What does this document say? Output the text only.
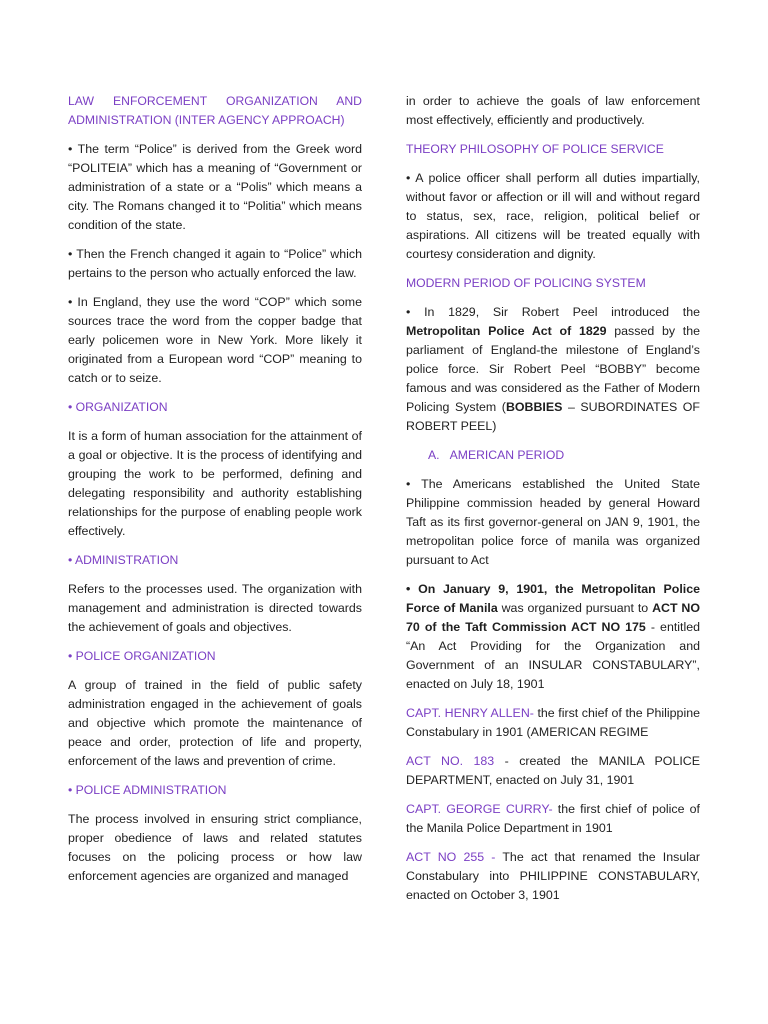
LAW ENFORCEMENT ORGANIZATION AND ADMINISTRATION (INTER AGENCY APPROACH)

• The term “Police” is derived from the Greek word “POLITEIA” which has a meaning of “Government or administration of a state or a “Polis” which means a city. The Romans changed it to “Politia” which means condition of the state.

• Then the French changed it again to “Police” which pertains to the person who actually enforced the law.

• In England, they use the word “COP” which some sources trace the word from the copper badge that early policemen wore in New York. More likely it originated from a European word “COP” meaning to catch or to seize.

• ORGANIZATION

It is a form of human association for the attainment of a goal or objective. It is the process of identifying and grouping the work to be performed, defining and delegating responsibility and authority establishing relationships for the purpose of enabling people work effectively.

• ADMINISTRATION

Refers to the processes used. The organization with management and administration is directed towards the achievement of goals and objectives.

• POLICE ORGANIZATION

A group of trained in the field of public safety administration engaged in the achievement of goals and objective which promote the maintenance of peace and order, protection of life and property, enforcement of the laws and prevention of crime.

• POLICE ADMINISTRATION

The process involved in ensuring strict compliance, proper obedience of laws and related statutes focuses on the policing process or how law enforcement agencies are organized and managed

in order to achieve the goals of law enforcement most effectively, efficiently and productively.

THEORY PHILOSOPHY OF POLICE SERVICE

• A police officer shall perform all duties impartially, without favor or affection or ill will and without regard to status, sex, race, religion, political belief or aspirations. All citizens will be treated equally with courtesy consideration and dignity.

MODERN PERIOD OF POLICING SYSTEM

• In 1829, Sir Robert Peel introduced the Metropolitan Police Act of 1829 passed by the parliament of England-the milestone of England’s police force. Sir Robert Peel “BOBBY” become famous and was considered as the Father of Modern Policing System (BOBBIES – SUBORDINATES OF ROBERT PEEL)

A.   AMERICAN PERIOD

• The Americans established the United State Philippine commission headed by general Howard Taft as its first governor-general on JAN 9, 1901, the metropolitan police force of manila was organized pursuant to Act

• On January 9, 1901, the Metropolitan Police Force of Manila was organized pursuant to ACT NO 70 of the Taft Commission ACT NO 175 - entitled “An Act Providing for the Organization and Government of an INSULAR CONSTABULARY”, enacted on July 18, 1901

CAPT. HENRY ALLEN- the first chief of the Philippine Constabulary in 1901 (AMERICAN REGIME

ACT NO. 183 - created the MANILA POLICE DEPARTMENT, enacted on July 31, 1901

CAPT. GEORGE CURRY- the first chief of police of the Manila Police Department in 1901

ACT NO 255 - The act that renamed the Insular Constabulary into PHILIPPINE CONSTABULARY, enacted on October 3, 1901
